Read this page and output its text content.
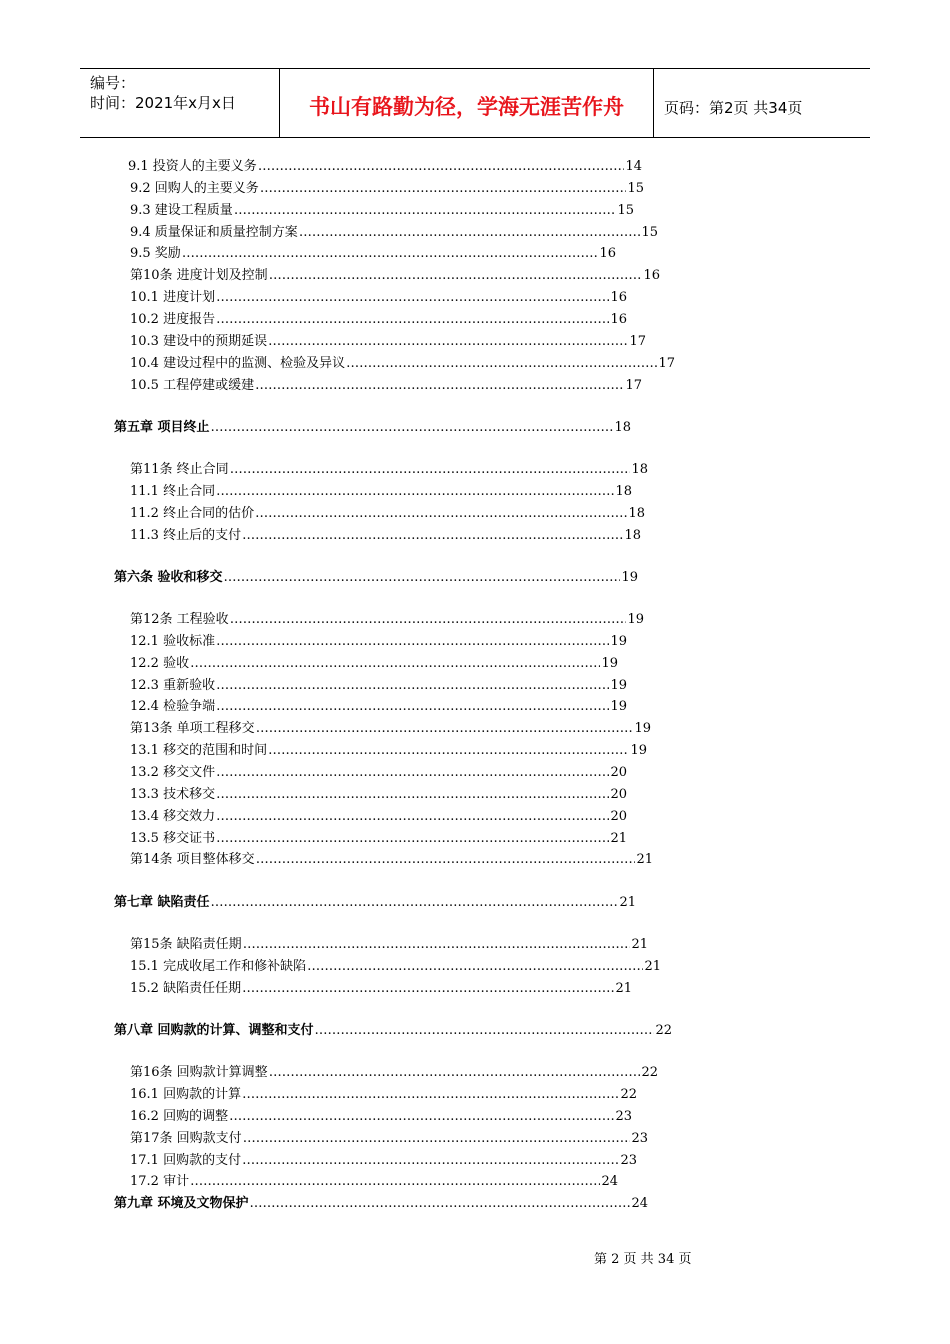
编号：
时间：2021年x月x日	书山有路勤为径，学海无涯苦作舟	页码：第2页 共34页
9.1 投资人的主要义务 ……………………………………………………………………………………………………………………………………………………………………	14
9.2 回购人的主要义务 ……………………………………………………………………………………………………………………………………………………………………	15
9.3 建设工程质量 ……………………………………………………………………………………………………………………………………………………………………	15
9.4 质量保证和质量控制方案 ……………………………………………………………………………………………………………………………………………………………………	15
9.5 奖励 ……………………………………………………………………………………………………………………………………………………………………	16
第10条 进度计划及控制 ……………………………………………………………………………………………………………………………………………………………………	16
10.1 进度计划 ……………………………………………………………………………………………………………………………………………………………………	16
10.2 进度报告 ……………………………………………………………………………………………………………………………………………………………………	16
10.3 建设中的预期延误 ……………………………………………………………………………………………………………………………………………………………………	17
10.4 建设过程中的监测、检验及异议 ……………………………………………………………………………………………………………………………………………………………………	17
10.5 工程停建或缓建 ……………………………………………………………………………………………………………………………………………………………………	17
第五章 项目终止 ……………………………………………………………………………………………………………………………………………………………………	18
第11条 终止合同 ……………………………………………………………………………………………………………………………………………………………………	18
11.1 终止合同 ……………………………………………………………………………………………………………………………………………………………………	18
11.2 终止合同的估价 ……………………………………………………………………………………………………………………………………………………………………	18
11.3 终止后的支付 ……………………………………………………………………………………………………………………………………………………………………	18
第六条 验收和移交 ……………………………………………………………………………………………………………………………………………………………………	19
第12条 工程验收 ……………………………………………………………………………………………………………………………………………………………………	19
12.1 验收标准 ……………………………………………………………………………………………………………………………………………………………………	19
12.2 验收 ……………………………………………………………………………………………………………………………………………………………………	19
12.3 重新验收 ……………………………………………………………………………………………………………………………………………………………………	19
12.4 检验争端 ……………………………………………………………………………………………………………………………………………………………………	19
第13条 单项工程移交 ……………………………………………………………………………………………………………………………………………………………………	19
13.1 移交的范围和时间 ……………………………………………………………………………………………………………………………………………………………………	19
13.2 移交文件 ……………………………………………………………………………………………………………………………………………………………………	20
13.3 技术移交 ……………………………………………………………………………………………………………………………………………………………………	20
13.4 移交效力 ……………………………………………………………………………………………………………………………………………………………………	20
13.5 移交证书 ……………………………………………………………………………………………………………………………………………………………………	21
第14条 项目整体移交 ……………………………………………………………………………………………………………………………………………………………………	21
第七章 缺陷责任 ……………………………………………………………………………………………………………………………………………………………………	21
第15条 缺陷责任期 ……………………………………………………………………………………………………………………………………………………………………	21
15.1 完成收尾工作和修补缺陷 ……………………………………………………………………………………………………………………………………………………………………	21
15.2 缺陷责任任期 ……………………………………………………………………………………………………………………………………………………………………	21
第八章 回购款的计算、调整和支付 ……………………………………………………………………………………………………………………………………………………………………	22
第16条 回购款计算调整 ……………………………………………………………………………………………………………………………………………………………………	22
16.1 回购款的计算 ……………………………………………………………………………………………………………………………………………………………………	22
16.2 回购的调整 ……………………………………………………………………………………………………………………………………………………………………	23
第17条 回购款支付 ……………………………………………………………………………………………………………………………………………………………………	23
17.1 回购款的支付 ……………………………………………………………………………………………………………………………………………………………………	23
17.2 审计 ……………………………………………………………………………………………………………………………………………………………………	24
第九章 环境及文物保护 ……………………………………………………………………………………………………………………………………………………………………	24
第 2 页 共 34 页
